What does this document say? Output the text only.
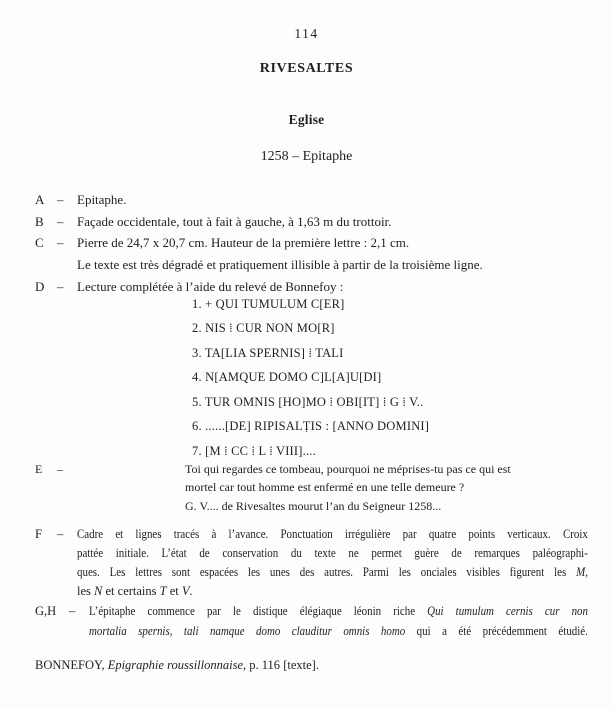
114
RIVESALTES
Eglise
1258 – Epitaphe
A –	Epitaphe.
B	–	Façade occidentale, tout à fait à gauche, à 1,63 m du trottoir.
C	–	Pierre de 24,7 x 20,7 cm. Hauteur de la première lettre : 2,1 cm.
Le texte est très dégradé et pratiquement illisible à partir de la troisième ligne.
D –	Lecture complétée à l’aide du relevé de Bonnefoy :
1. + QUI TUMULUM C[ER]
2. NIS ⁞ CUR NON MO[R]
3. TA[LIA SPERNIS] ⁞ TALI
4. N[AMQUE DOMO C]L[A]U[DI]
5. TUR OMNIS [HO]MO ⁞ OBI[IT] ⁞ G ⁞ V..
6. ......[DE] RIPISALṬIS : [ANNO DOMINI]
7. [M ⁞ CC ⁞ L ⁞ VIII]....
E	–	Toi qui regardes ce tombeau, pourquoi ne méprises-tu pas ce qui est
mortel car tout homme est enfermé en une telle demeure ?
G. V.... de Rivesaltes mourut l’an du Seigneur 1258...
F	–	Cadre et lignes tracés à l’avance. Ponctuation irrégulière par quatre points verticaux. Croix
pattée initiale. L’état de conservation du texte ne permet guère de remarques paléographi-
ques. Les lettres sont espacées les unes des autres. Parmi les onciales visibles figurent les M,
les N et certains T et V.
G,H	–	L’épitaphe commence par le distique élégiaque léonin riche Qui tumulum cernis cur non
mortalia spernis, tali namque domo clauditur omnis homo qui a été précédemment étudié.
BONNEFOY, Epigraphie roussillonnaise, p. 116 [texte].
